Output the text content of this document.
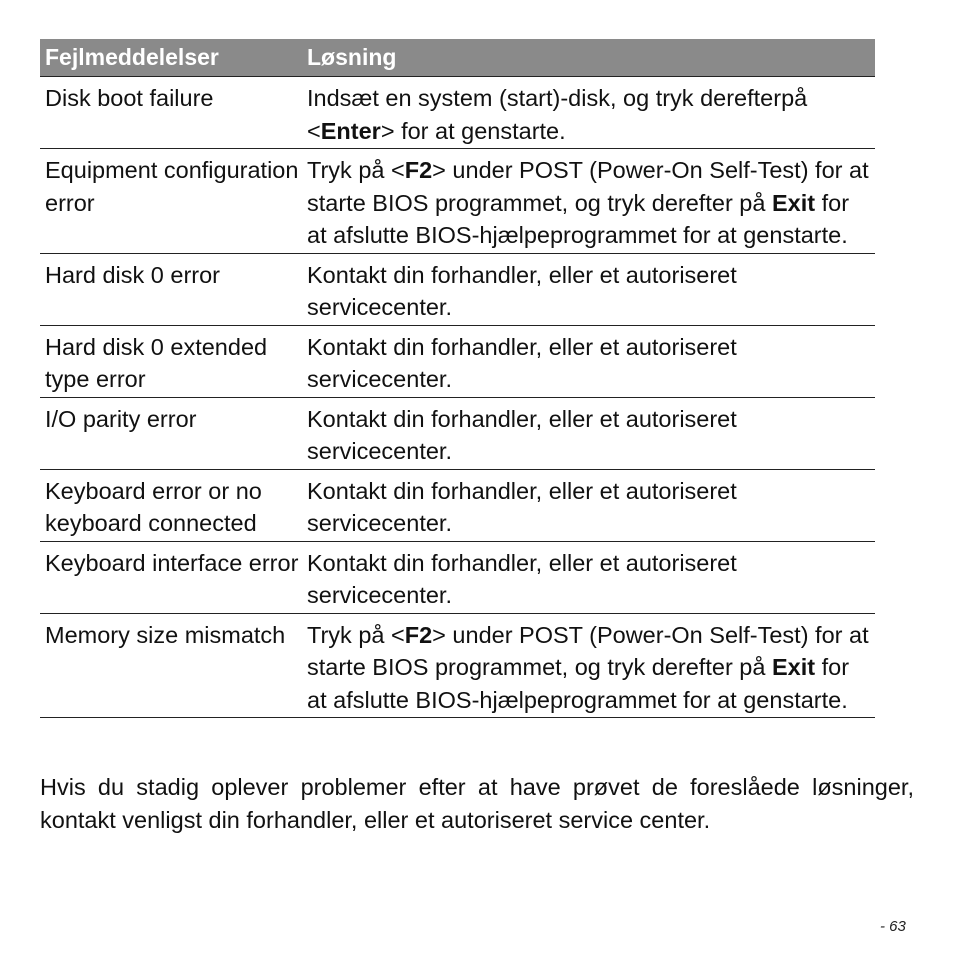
Fejlmeddelelser	Løsning
Disk boot failure	Indsæt en system (start)-disk, og tryk derefterpå <Enter> for at genstarte.
Equipment configuration error	Tryk på <F2> under POST (Power-On Self-Test) for at starte BIOS programmet, og tryk derefter på Exit for at afslutte BIOS-hjælpeprogrammet for at genstarte.
Hard disk 0 error	Kontakt din forhandler, eller et autoriseret servicecenter.
Hard disk 0 extended type error	Kontakt din forhandler, eller et autoriseret servicecenter.
I/O parity error	Kontakt din forhandler, eller et autoriseret servicecenter.
Keyboard error or no keyboard connected	Kontakt din forhandler, eller et autoriseret servicecenter.
Keyboard interface error	Kontakt din forhandler, eller et autoriseret servicecenter.
Memory size mismatch	Tryk på <F2> under POST (Power-On Self-Test) for at starte BIOS programmet, og tryk derefter på Exit for at afslutte BIOS-hjælpeprogrammet for at genstarte.

Hvis du stadig oplever problemer efter at have prøvet de foreslåede løsninger, kontakt venligst din forhandler, eller et autoriseret service center.

- 63
